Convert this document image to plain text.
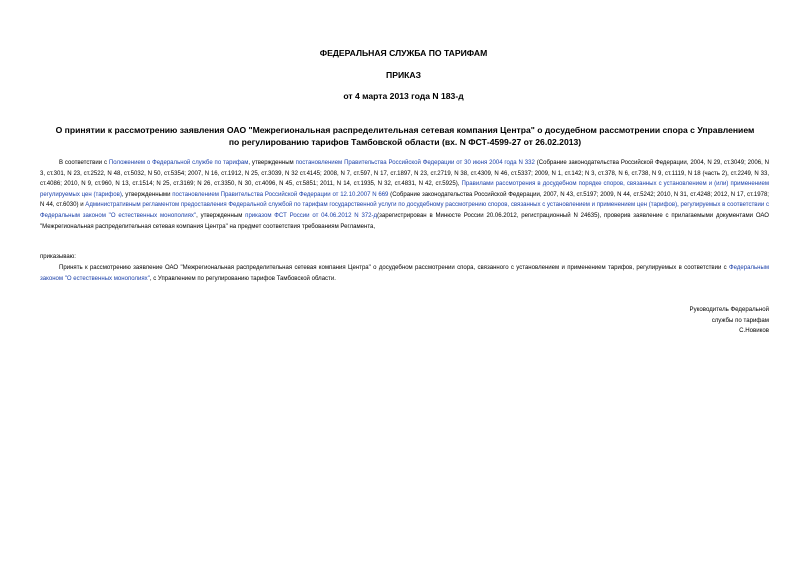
ФЕДЕРАЛЬНАЯ СЛУЖБА ПО ТАРИФАМ

ПРИКАЗ

от 4 марта 2013 года N 183-д

О принятии к рассмотрению заявления ОАО "Межрегиональная распределительная сетевая компания Центра" о досудебном рассмотрении спора с Управлением
по регулированию тарифов Тамбовской области (вх. N ФСТ-4599-27 от 26.02.2013)

В соответствии с Положением о Федеральной службе по тарифам, утвержденным постановлением Правительства Российской Федерации от 30 июня 2004 года N 332 (Собрание законодательства Российской Федерации, 2004, N 29, ст.3049; 2006, N 3, ст.301, N 23, ст.2522, N 48, ст.5032, N 50, ст.5354; 2007, N 16, ст.1912, N 25, ст.3039, N 32 ст.4145; 2008, N 7, ст.597, N 17, ст.1897, N 23, ст.2719, N 38, ст.4309, N 46, ст.5337; 2009, N 1, ст.142; N 3, ст.378, N 6, ст.738, N 9, ст.1119, N 18 (часть 2), ст.2249, N 33, ст.4086; 2010, N 9, ст.960, N 13, ст.1514; N 25, ст.3169; N 26, ст.3350, N 30, ст.4096, N 45, ст.5851; 2011, N 14, ст.1935, N 32, ст.4831, N 42, ст.5925), Правилами рассмотрения в досудебном порядке споров, связанных с установлением и (или) применением регулируемых цен (тарифов), утвержденными постановлением Правительства Российской Федерации от 12.10.2007 N 669 (Собрание законодательства Российской Федерации, 2007, N 43, ст.5197; 2009, N 44, ст.5242; 2010, N 31, ст.4248; 2012, N 17, ст.1978; N 44, ст.6030) и Административным регламентом предоставления Федеральной службой по тарифам государственной услуги по досудебному рассмотрению споров, связанных с установлением и применением цен (тарифов), регулируемых в соответствии с Федеральным законом "О естественных монополиях", утвержденным приказом ФСТ России от 04.06.2012 N 372-д(зарегистрирован в Минюсте России 20.06.2012, регистрационный N 24635), проверив заявление с прилагаемыми документами ОАО "Межрегиональная распределительная сетевая компания Центра" на предмет соответствия требованиям Регламента,

приказываю:

Принять к рассмотрению заявление ОАО "Межрегиональная распределительная сетевая компания Центра" о досудебном рассмотрении спора, связанного с установлением и применением тарифов, регулируемых в соответствии с Федеральным законом "О естественных монополиях", с Управлением по регулированию тарифов Тамбовской области.

Руководитель Федеральной
службы по тарифам
С.Новиков
